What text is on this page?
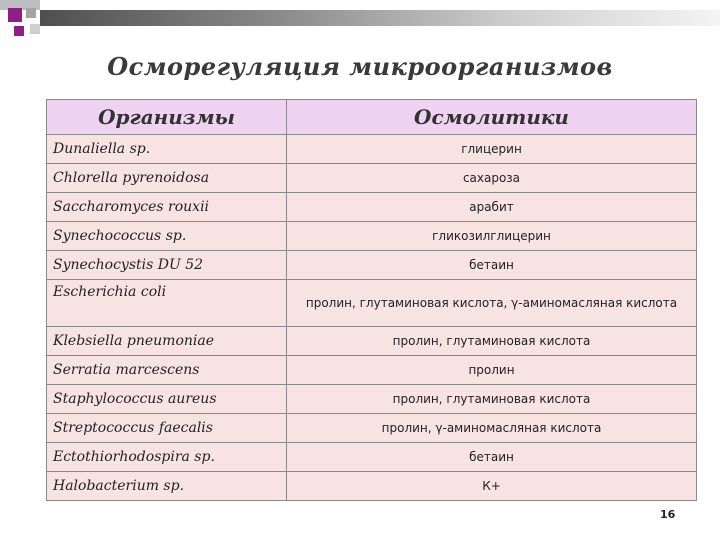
Осморегуляция микроорганизмов
Организмы	Осмолитики
Dunaliella sp.	глицерин
Chlorella pyrenoidosa	сахароза
Saccharomyces rouxii	арабит
Synechococcus sp.	гликозилглицерин
Synechocystis DU 52	бетаин
Escherichia coli	пролин, глутаминовая кислота, γ-аминомасляная кислота
Klebsiella pneumoniae	пролин, глутаминовая кислота
Serratia marcescens	пролин
Staphylococcus aureus	пролин, глутаминовая кислота
Streptococcus faecalis	пролин, γ-аминомасляная кислота
Ectothiorhodospira sp.	бетаин
Halobacterium sp.	К+
16
